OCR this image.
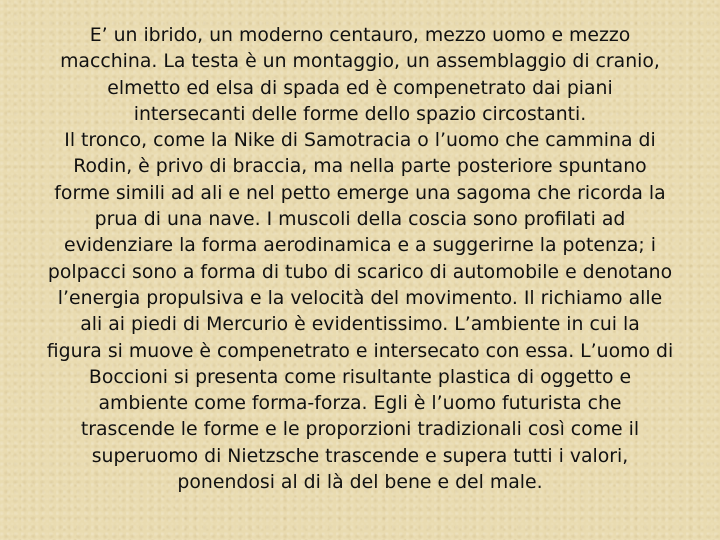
E’ un ibrido, un moderno centauro, mezzo uomo e mezzo
macchina. La testa è un montaggio, un assemblaggio di cranio,
elmetto ed elsa di spada ed è compenetrato dai piani
intersecanti delle forme dello spazio circostanti.
Il tronco, come la Nike di Samotracia o l’uomo che cammina di
Rodin, è privo di braccia, ma nella parte posteriore spuntano
forme simili ad ali e nel petto emerge una sagoma che ricorda la
prua di una nave. I muscoli della coscia sono profilati ad
evidenziare la forma aerodinamica e a suggerirne la potenza; i
polpacci sono a forma di tubo di scarico di automobile e denotano
l’energia propulsiva e la velocità del movimento. Il richiamo alle
ali ai piedi di Mercurio è evidentissimo. L’ambiente in cui la
figura si muove è compenetrato e intersecato con essa. L’uomo di
Boccioni si presenta come risultante plastica di oggetto e
ambiente come forma-forza. Egli è l’uomo futurista che
trascende le forme e le proporzioni tradizionali così come il
superuomo di Nietzsche trascende e supera tutti i valori,
ponendosi al di là del bene e del male.
